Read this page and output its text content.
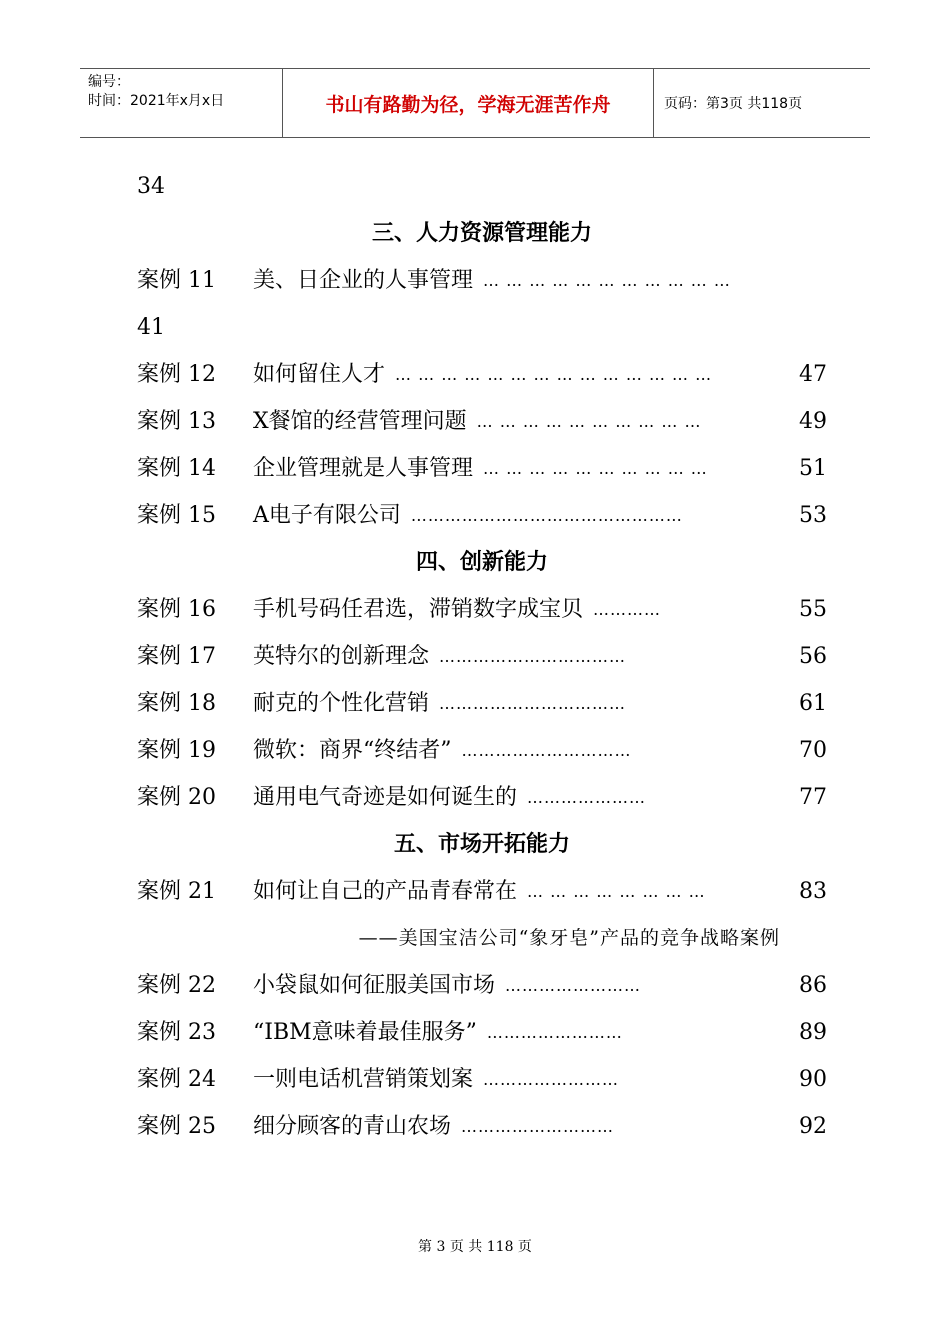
编号：
时间：2021年x月x日	书山有路勤为径，学海无涯苦作舟	页码：第3页 共118页
34
三、人力资源管理能力
案例 11	美、日企业的人事管理 … … … … … … … … … … …
41
案例 12	如何留住人才 … … … … … … … … … … … … … …	47
案例 13	X餐馆的经营管理问题 … … … … … … … … … …	49
案例 14	企业管理就是人事管理 … … … … … … … … … …	51
案例 15	A电子有限公司 …………………………………………	53
四、创新能力
案例 16	手机号码任君选，滞销数字成宝贝 …………	55
案例 17	英特尔的创新理念 ……………………………	56
案例 18	耐克的个性化营销 ……………………………	61
案例 19	微软：商界“终结者” …………………………	70
案例 20	通用电气奇迹是如何诞生的 …………………	77
五、市场开拓能力
案例 21	如何让自己的产品青春常在 … … … … … … … …	83
——美国宝洁公司“象牙皂”产品的竞争战略案例
案例 22	小袋鼠如何征服美国市场 ……………………	86
案例 23	“IBM意味着最佳服务” ……………………	89
案例 24	一则电话机营销策划案 ……………………	90
案例 25	细分顾客的青山农场 ………………………	92
第 3 页 共 118 页
